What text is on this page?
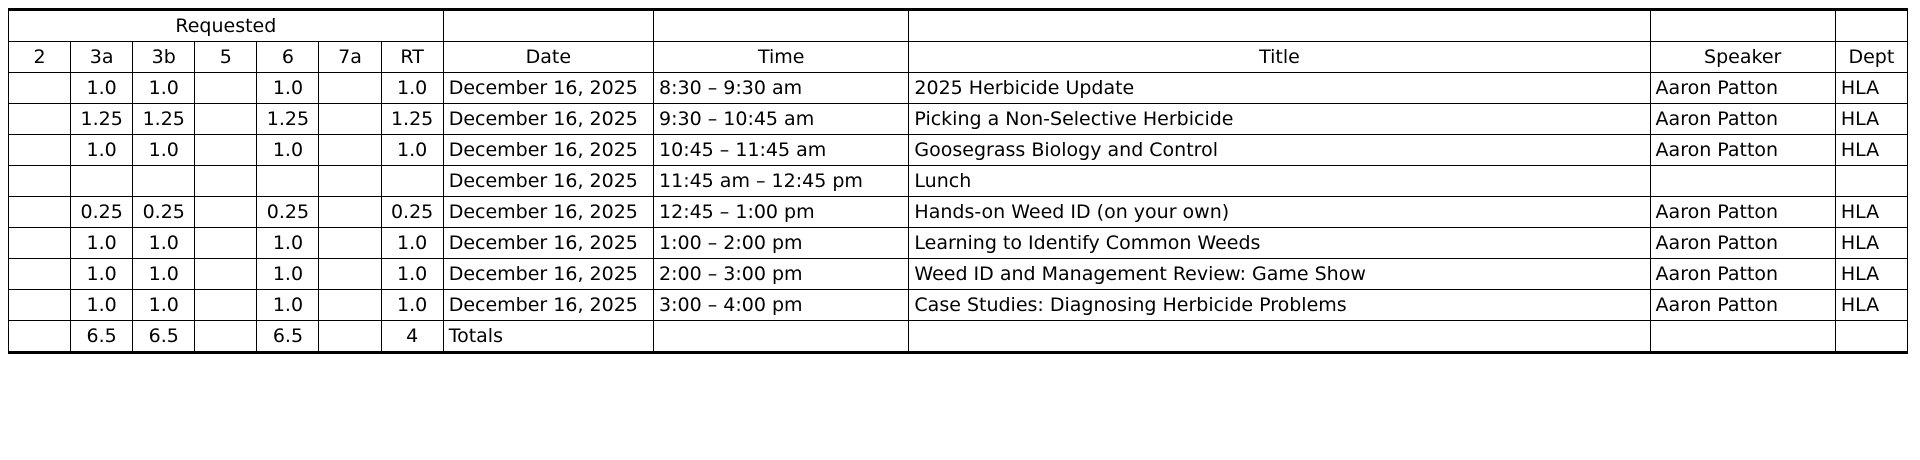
Requested											
2	3a	3b	5	6	7a	RT	Date	Time	Title	Speaker	Dept
	1.0	1.0		1.0		1.0	December 16, 2025	8:30 – 9:30 am	2025 Herbicide Update	Aaron Patton	HLA
	1.25	1.25		1.25		1.25	December 16, 2025	9:30 – 10:45 am	Picking a Non-Selective Herbicide	Aaron Patton	HLA
	1.0	1.0		1.0		1.0	December 16, 2025	10:45 – 11:45 am	Goosegrass Biology and Control	Aaron Patton	HLA
							December 16, 2025	11:45 am – 12:45 pm	Lunch		
	0.25	0.25		0.25		0.25	December 16, 2025	12:45 – 1:00 pm	Hands-on Weed ID (on your own)	Aaron Patton	HLA
	1.0	1.0		1.0		1.0	December 16, 2025	1:00 – 2:00 pm	Learning to Identify Common Weeds	Aaron Patton	HLA
	1.0	1.0		1.0		1.0	December 16, 2025	2:00 – 3:00 pm	Weed ID and Management Review: Game Show	Aaron Patton	HLA
	1.0	1.0		1.0		1.0	December 16, 2025	3:00 – 4:00 pm	Case Studies: Diagnosing Herbicide Problems	Aaron Patton	HLA
	6.5	6.5		6.5		4	Totals				
